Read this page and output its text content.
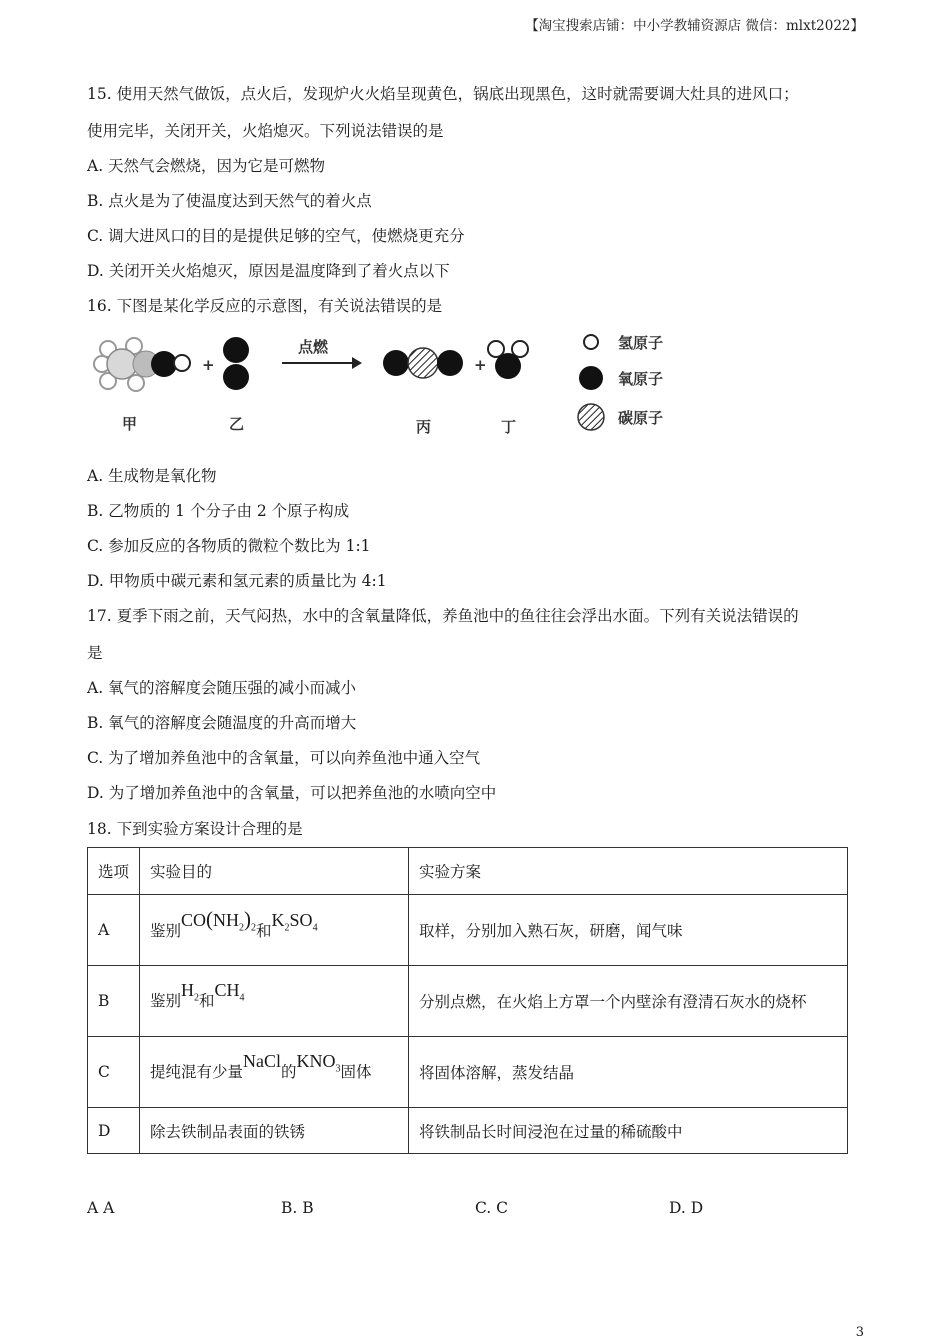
【淘宝搜索店铺：中小学教辅资源店 微信：mlxt2022】
15. 使用天然气做饭，点火后，发现炉火火焰呈现黄色，锅底出现黑色，这时就需要调大灶具的进风口；
使用完毕，关闭开关，火焰熄灭。下列说法错误的是
A. 天然气会燃烧，因为它是可燃物
B. 点火是为了使温度达到天然气的着火点
C. 调大进风口的目的是提供足够的空气，使燃烧更充分
D. 关闭开关火焰熄灭，原因是温度降到了着火点以下
16. 下图是某化学反应的示意图，有关说法错误的是
+
点燃
+
氢原子
氧原子
碳原子
甲	乙	丙	丁
A. 生成物是氧化物
B. 乙物质的 1 个分子由 2 个原子构成
C. 参加反应的各物质的微粒个数比为 1:1
D. 甲物质中碳元素和氢元素的质量比为 4:1
17. 夏季下雨之前，天气闷热，水中的含氧量降低，养鱼池中的鱼往往会浮出水面。下列有关说法错误的
是
A. 氧气的溶解度会随压强的减小而减小
B. 氧气的溶解度会随温度的升高而增大
C. 为了增加养鱼池中的含氧量，可以向养鱼池中通入空气
D. 为了增加养鱼池中的含氧量，可以把养鱼池的水喷向空中
18. 下到实验方案设计合理的是
选项	实验目的	实验方案
A	鉴别$CO(NH_2)_2$和$K_2SO_4$	取样，分别加入熟石灰，研磨，闻气味
B	鉴别$H_2$和$CH_4$	分别点燃，在火焰上方罩一个内壁涂有澄清石灰水的烧杯
C	提纯混有少量NaCl的$KNO_3$固体	将固体溶解，蒸发结晶
D	除去铁制品表面的铁锈	将铁制品长时间浸泡在过量的稀硫酸中
A A	B. B	C. C	D. D
3
